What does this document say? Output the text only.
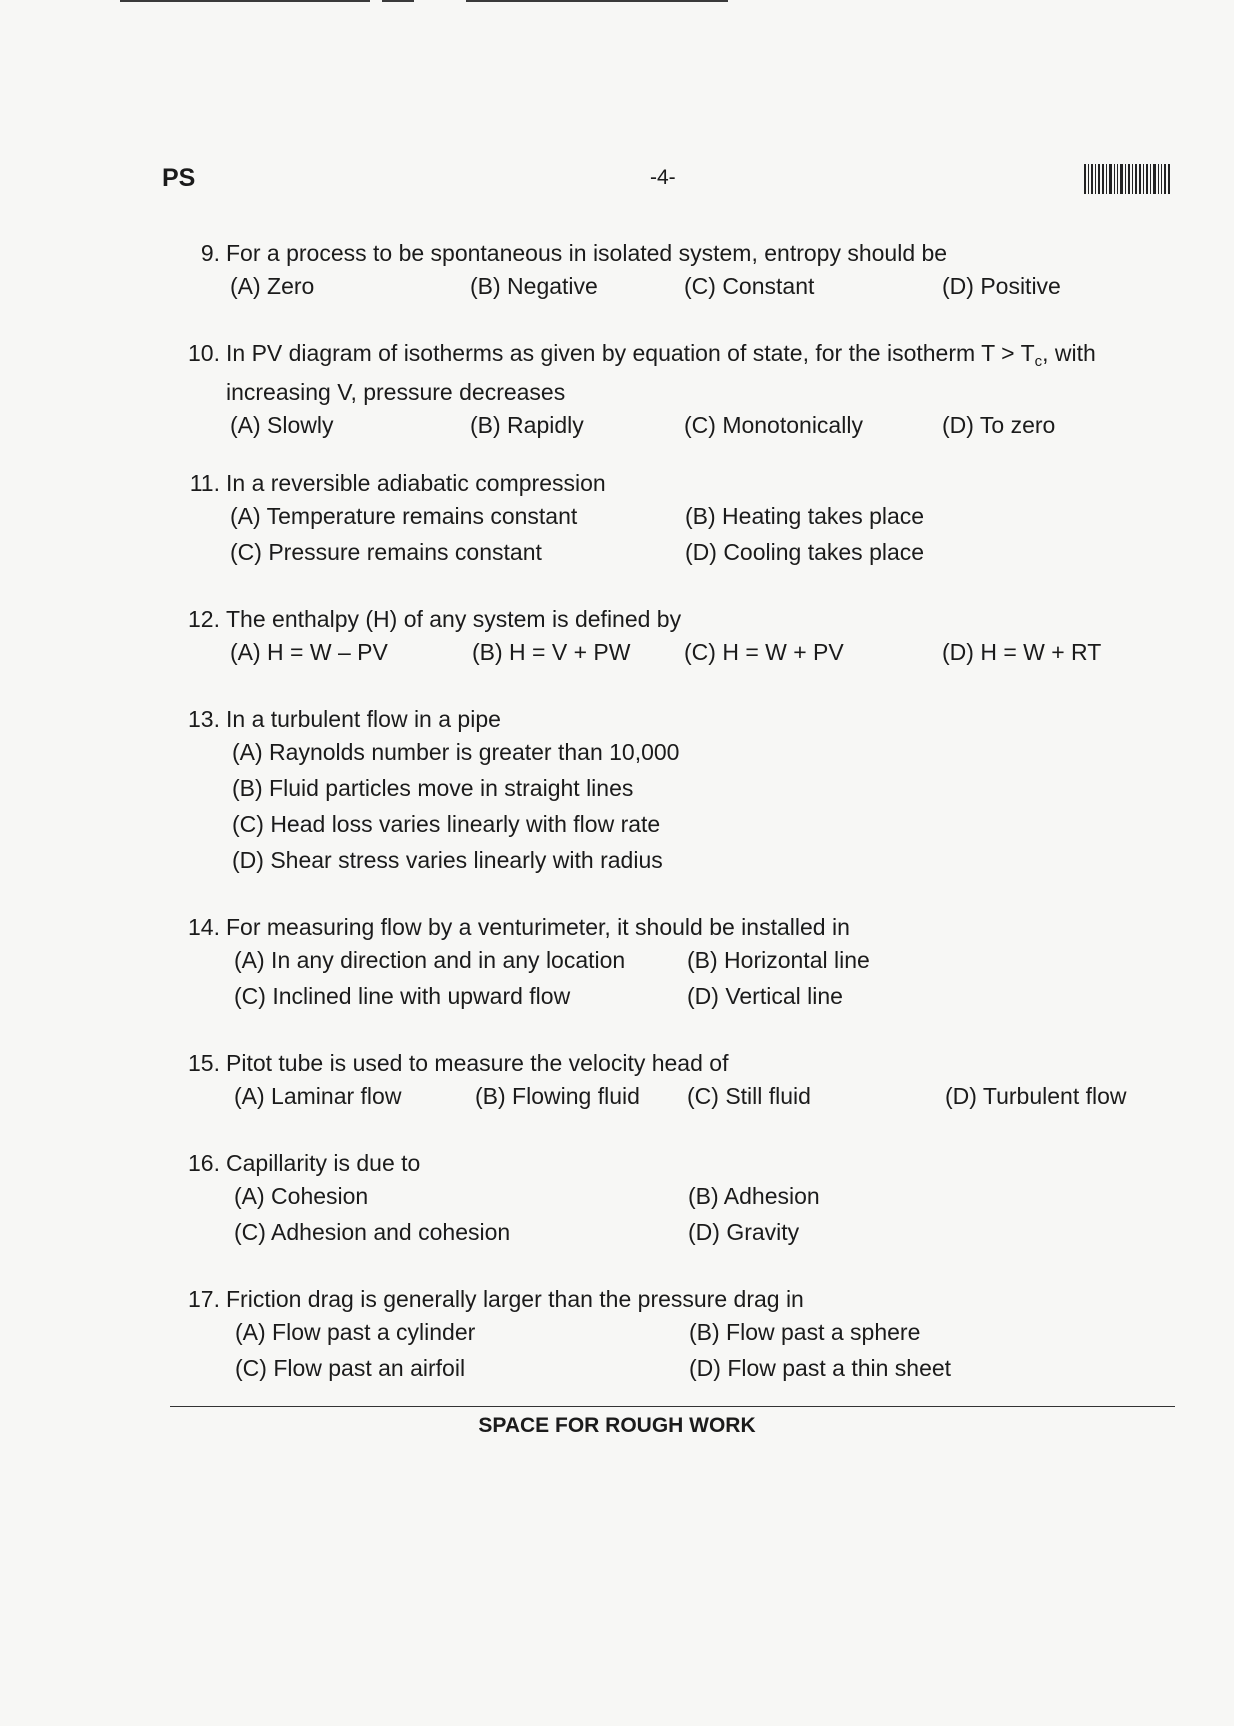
PS	-4-
9. For a process to be spontaneous in isolated system, entropy should be
(A) Zero	(B) Negative	(C) Constant	(D) Positive
10. In PV diagram of isotherms as given by equation of state, for the isotherm $T > T_c$, with
increasing V, pressure decreases
(A) Slowly	(B) Rapidly	(C) Monotonically	(D) To zero
11. In a reversible adiabatic compression
(A) Temperature remains constant	(B) Heating takes place
(C) Pressure remains constant	(D) Cooling takes place
12. The enthalpy (H) of any system is defined by
(A) H = W – PV	(B) H = V + PW (C) H = W + PV	(D) H = W + RT
13. In a turbulent flow in a pipe
(A) Raynolds number is greater than 10,000
(B) Fluid particles move in straight lines
(C) Head loss varies linearly with flow rate
(D) Shear stress varies linearly with radius
14. For measuring flow by a venturimeter, it should be installed in
(A) In any direction and in any location	(B) Horizontal line
(C) Inclined line with upward flow	(D) Vertical line
15. Pitot tube is used to measure the velocity head of
(A) Laminar flow	(B) Flowing fluid (C) Still fluid	(D) Turbulent flow
16. Capillarity is due to
(A) Cohesion	(B) Adhesion
(C) Adhesion and cohesion	(D) Gravity
17. Friction drag is generally larger than the pressure drag in
(A) Flow past a cylinder	(B) Flow past a sphere
(C) Flow past an airfoil	(D) Flow past a thin sheet
SPACE FOR ROUGH WORK
